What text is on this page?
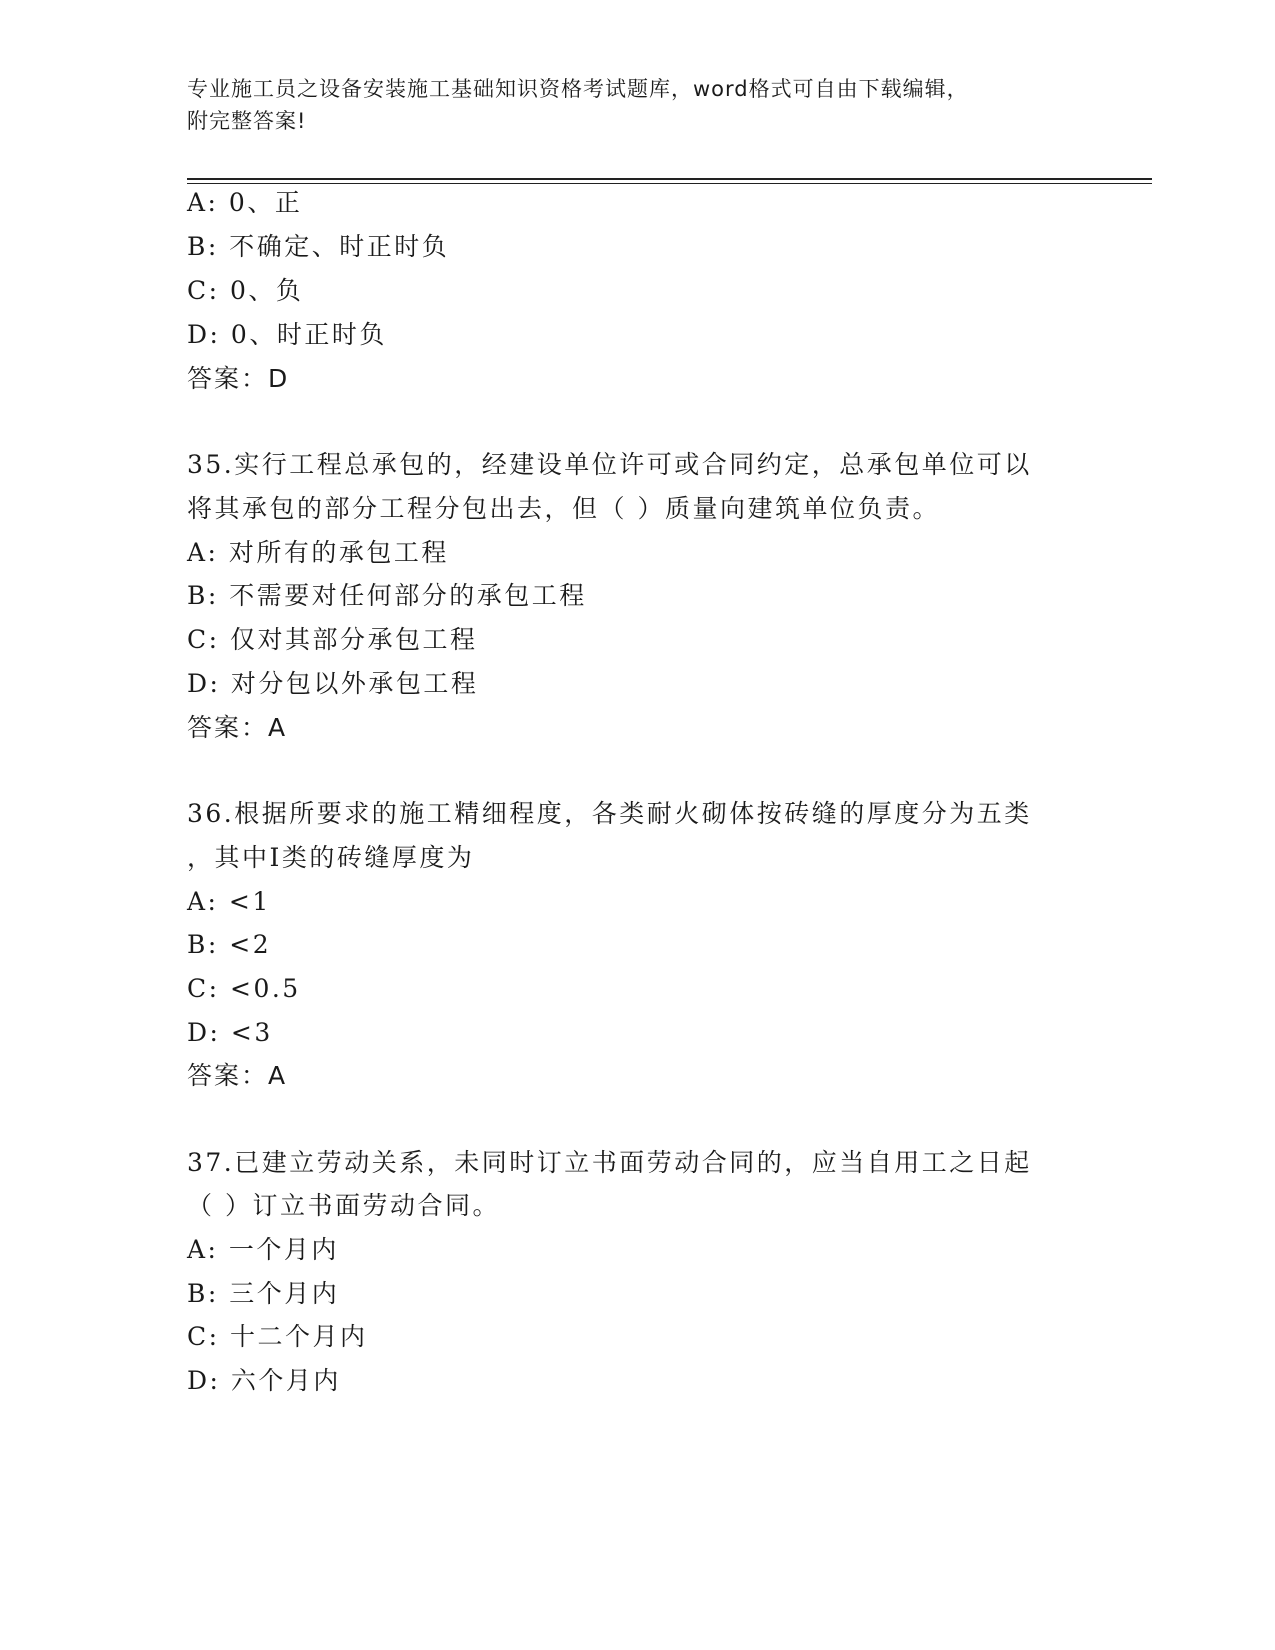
专业施工员之设备安装施工基础知识资格考试题库，word格式可自由下载编辑，
附完整答案!
A: 0、正
B: 不确定、时正时负
C: 0、负
D: 0、时正时负
答案：D
35.实行工程总承包的，经建设单位许可或合同约定，总承包单位可以
将其承包的部分工程分包出去，但（ ）质量向建筑单位负责。
A: 对所有的承包工程
B: 不需要对任何部分的承包工程
C: 仅对其部分承包工程
D: 对分包以外承包工程
答案：A
36.根据所要求的施工精细程度，各类耐火砌体按砖缝的厚度分为五类
，其中I类的砖缝厚度为
A: <1
B: <2
C: <0.5
D: <3
答案：A
37.已建立劳动关系，未同时订立书面劳动合同的，应当自用工之日起
（ ）订立书面劳动合同。
A: 一个月内
B: 三个月内
C: 十二个月内
D: 六个月内
